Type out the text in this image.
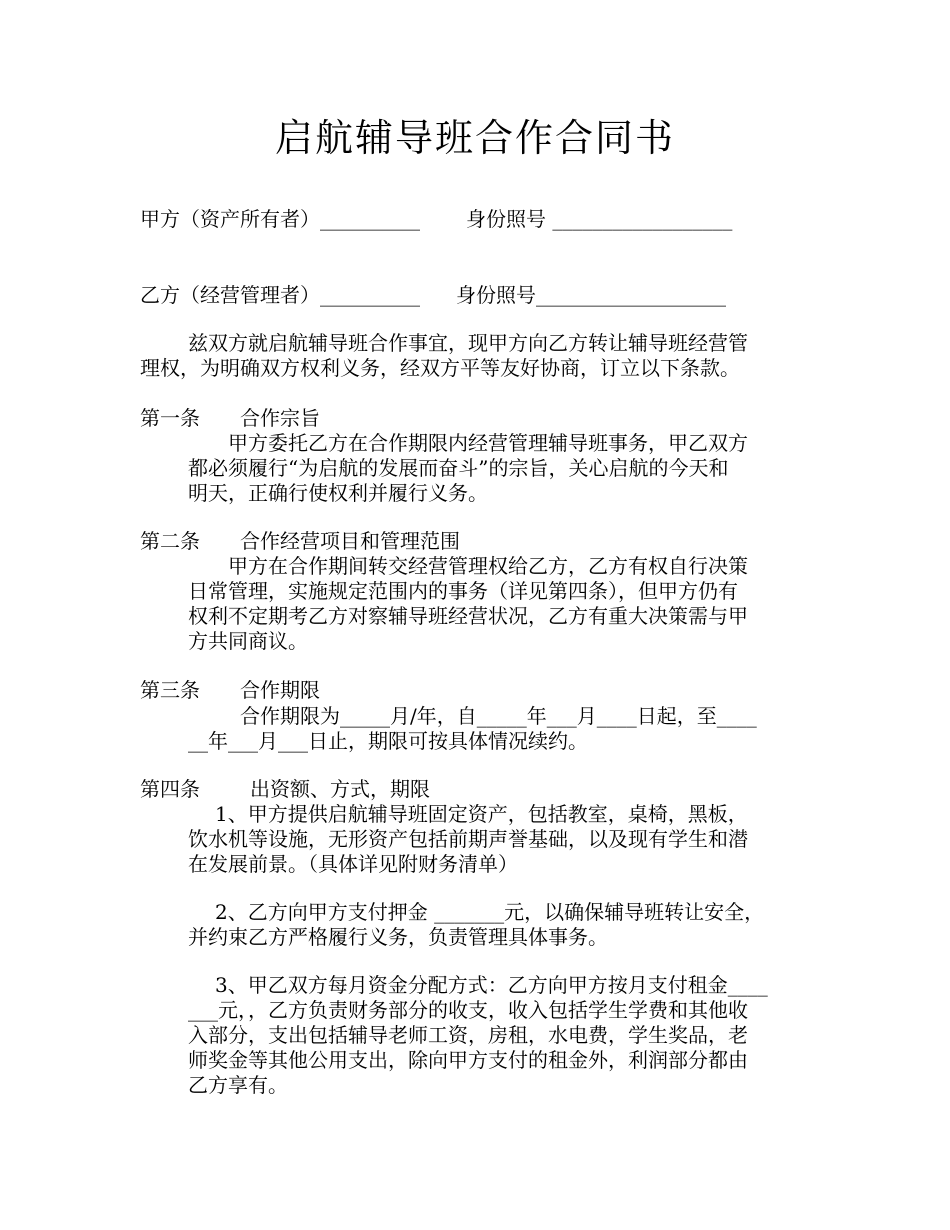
启航辅导班合作合同书
甲方（资产所有者）__________ 身份照号 __________________
乙方（经营管理者）__________ 身份照号___________________
兹双方就启航辅导班合作事宜，现甲方向乙方转让辅导班经营管
理权，为明确双方权利义务，经双方平等友好协商，订立以下条款。
第一条 合作宗旨
甲方委托乙方在合作期限内经营管理辅导班事务，甲乙双方
都必须履行“为启航的发展而奋斗”的宗旨，关心启航的今天和
明天，正确行使权利并履行义务。
第二条 合作经营项目和管理范围
甲方在合作期间转交经营管理权给乙方，乙方有权自行决策
日常管理，实施规定范围内的事务（详见第四条），但甲方仍有
权利不定期考乙方对察辅导班经营状况，乙方有重大决策需与甲
方共同商议。
第三条 合作期限
合作期限为_____月/年，自_____年___月____日起，至____
__年___月___日止，期限可按具体情况续约。
第四条	出资额、方式，期限
1、甲方提供启航辅导班固定资产，包括教室，桌椅，黑板，
饮水机等设施，无形资产包括前期声誉基础，以及现有学生和潜
在发展前景。（具体详见附财务清单）
2、乙方向甲方支付押金 _______元，以确保辅导班转让安全，
并约束乙方严格履行义务，负责管理具体事务。
3、甲乙双方每月资金分配方式：乙方向甲方按月支付租金____
___元，，乙方负责财务部分的收支，收入包括学生学费和其他收
入部分，支出包括辅导老师工资，房租，水电费，学生奖品，老
师奖金等其他公用支出，除向甲方支付的租金外，利润部分都由
乙方享有。
